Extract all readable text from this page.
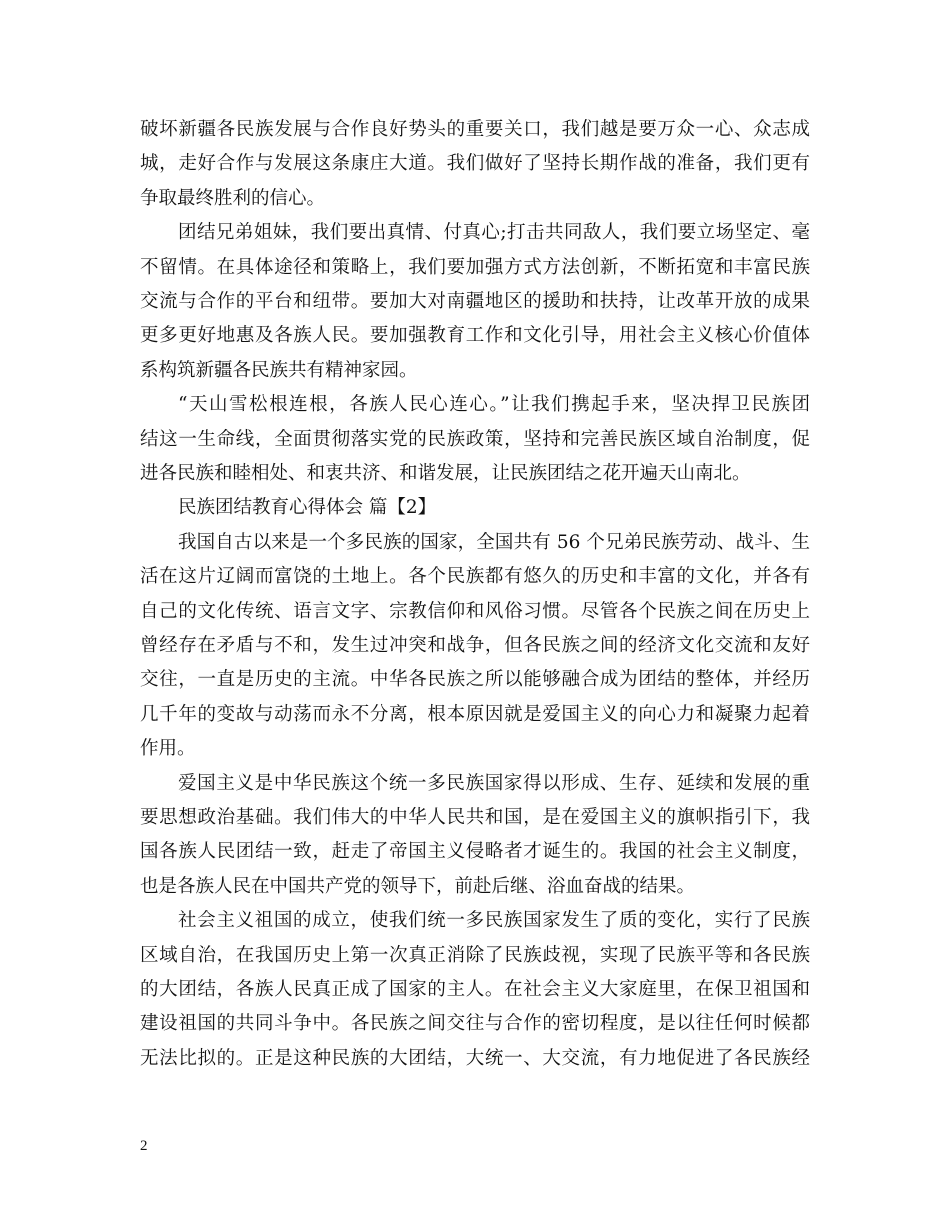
破坏新疆各民族发展与合作良好势头的重要关口，我们越是要万众一心、众志成
城，走好合作与发展这条康庄大道。我们做好了坚持长期作战的准备，我们更有
争取最终胜利的信心。
团结兄弟姐妹，我们要出真情、付真心;打击共同敌人，我们要立场坚定、毫
不留情。在具体途径和策略上，我们要加强方式方法创新，不断拓宽和丰富民族
交流与合作的平台和纽带。要加大对南疆地区的援助和扶持，让改革开放的成果
更多更好地惠及各族人民。要加强教育工作和文化引导，用社会主义核心价值体
系构筑新疆各民族共有精神家园。
“天山雪松根连根，各族人民心连心。”让我们携起手来，坚决捍卫民族团
结这一生命线，全面贯彻落实党的民族政策，坚持和完善民族区域自治制度，促
进各民族和睦相处、和衷共济、和谐发展，让民族团结之花开遍天山南北。
民族团结教育心得体会 篇【2】
我国自古以来是一个多民族的国家，全国共有 56 个兄弟民族劳动、战斗、生
活在这片辽阔而富饶的土地上。各个民族都有悠久的历史和丰富的文化，并各有
自己的文化传统、语言文字、宗教信仰和风俗习惯。尽管各个民族之间在历史上
曾经存在矛盾与不和，发生过冲突和战争，但各民族之间的经济文化交流和友好
交往，一直是历史的主流。中华各民族之所以能够融合成为团结的整体，并经历
几千年的变故与动荡而永不分离，根本原因就是爱国主义的向心力和凝聚力起着
作用。
爱国主义是中华民族这个统一多民族国家得以形成、生存、延续和发展的重
要思想政治基础。我们伟大的中华人民共和国，是在爱国主义的旗帜指引下，我
国各族人民团结一致，赶走了帝国主义侵略者才诞生的。我国的社会主义制度，
也是各族人民在中国共产党的领导下，前赴后继、浴血奋战的结果。
社会主义祖国的成立，使我们统一多民族国家发生了质的变化，实行了民族
区域自治，在我国历史上第一次真正消除了民族歧视，实现了民族平等和各民族
的大团结，各族人民真正成了国家的主人。在社会主义大家庭里，在保卫祖国和
建设祖国的共同斗争中。各民族之间交往与合作的密切程度，是以往任何时候都
无法比拟的。正是这种民族的大团结，大统一、大交流，有力地促进了各民族经
2
